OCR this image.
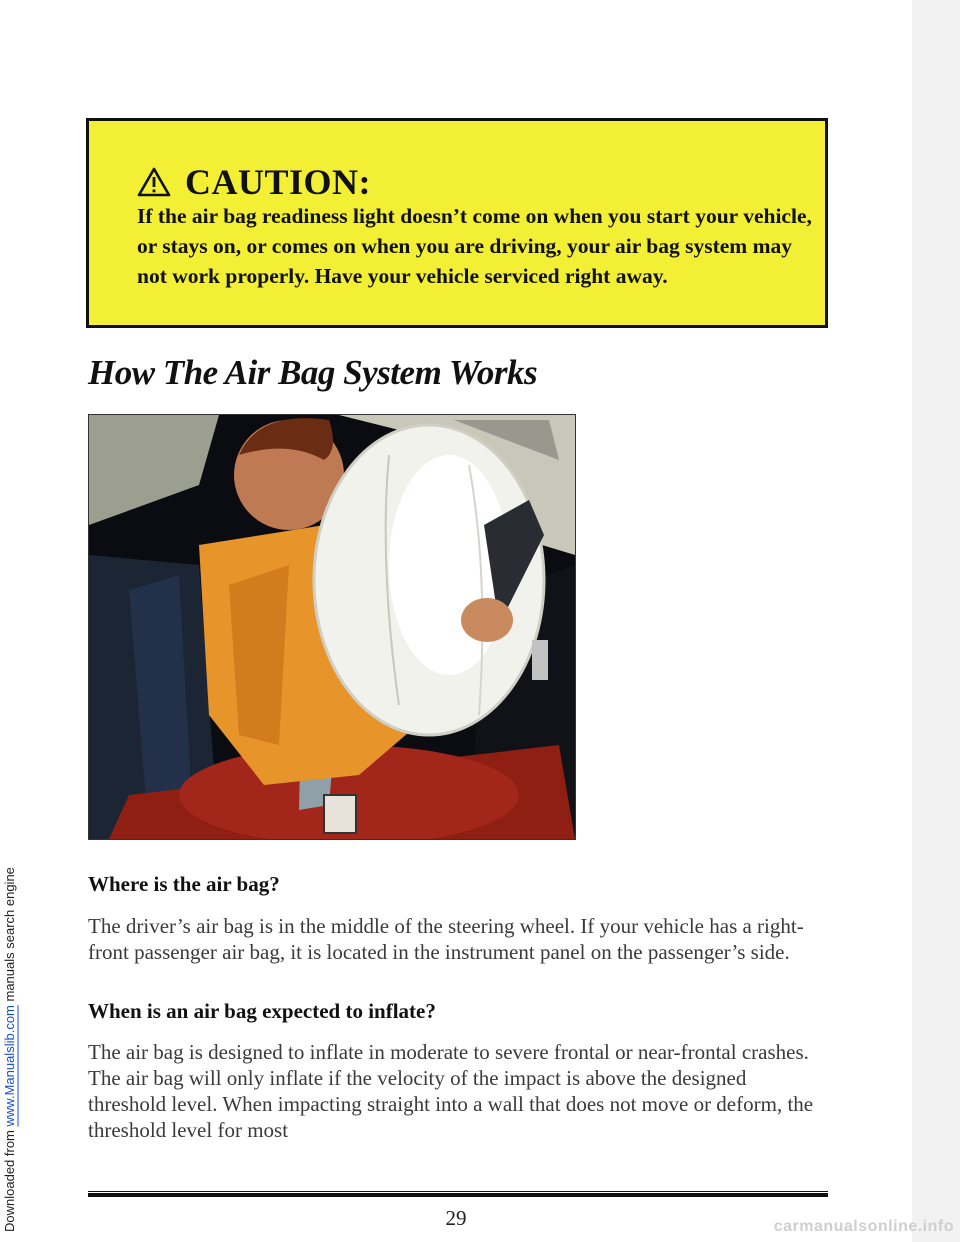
Downloaded from www.Manualslib.com manuals search engine
CAUTION:
If the air bag readiness light doesn’t come on when you start your vehicle, or stays on, or comes on when you are driving, your air bag system may not work properly. Have your vehicle serviced right away.
How The Air Bag System Works
Where is the air bag?
The driver’s air bag is in the middle of the steering wheel. If your vehicle has a right-front passenger air bag, it is located in the instrument panel on the passenger’s side.
When is an air bag expected to inflate?
The air bag is designed to inflate in moderate to severe frontal or near-frontal crashes. The air bag will only inflate if the velocity of the impact is above the designed threshold level. When impacting straight into a wall that does not move or deform, the threshold level for most
29	carmanualsonline.info
